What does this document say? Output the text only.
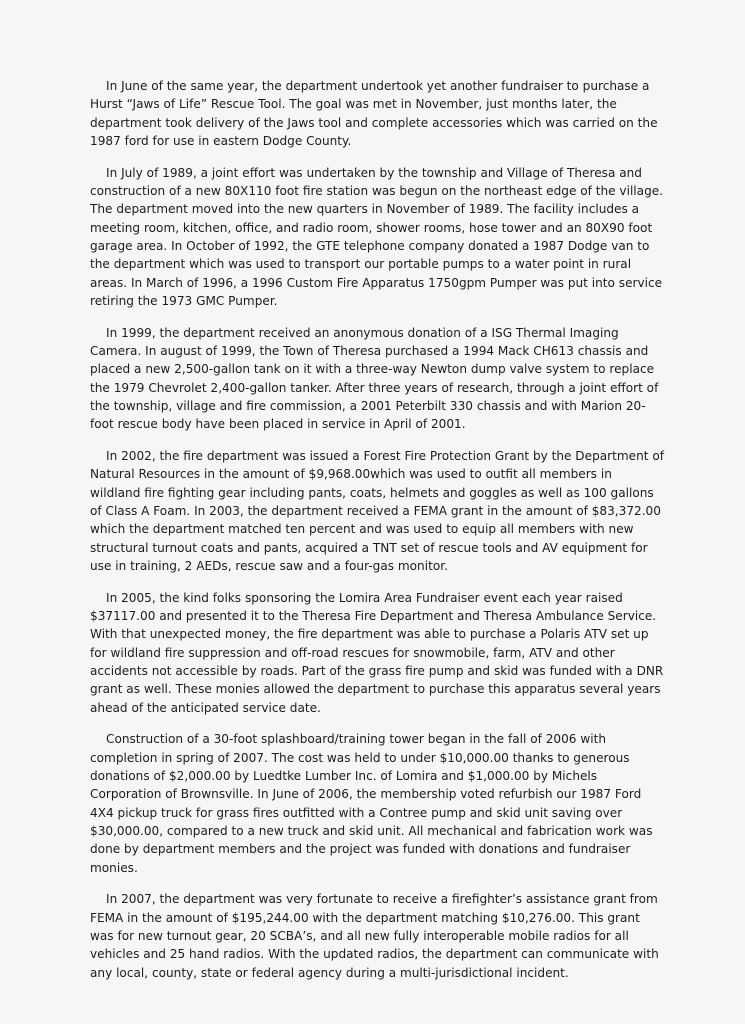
In June of the same year, the department undertook yet another fundraiser to purchase a Hurst “Jaws of Life” Rescue Tool. The goal was met in November, just months later, the department took delivery of the Jaws tool and complete accessories which was carried on the 1987 ford for use in eastern Dodge County.

In July of 1989, a joint effort was undertaken by the township and Village of Theresa and construction of a new 80X110 foot fire station was begun on the northeast edge of the village. The department moved into the new quarters in November of 1989. The facility includes a meeting room, kitchen, office, and radio room, shower rooms, hose tower and an 80X90 foot garage area. In October of 1992, the GTE telephone company donated a 1987 Dodge van to the department which was used to transport our portable pumps to a water point in rural areas. In March of 1996, a 1996 Custom Fire Apparatus 1750gpm Pumper was put into service retiring the 1973 GMC Pumper.

In 1999, the department received an anonymous donation of a ISG Thermal Imaging Camera. In august of 1999, the Town of Theresa purchased a 1994 Mack CH613 chassis and placed a new 2,500-gallon tank on it with a three-way Newton dump valve system to replace the 1979 Chevrolet 2,400-gallon tanker. After three years of research, through a joint effort of the township, village and fire commission, a 2001 Peterbilt 330 chassis and with Marion 20-foot rescue body have been placed in service in April of 2001.

In 2002, the fire department was issued a Forest Fire Protection Grant by the Department of Natural Resources in the amount of $9,968.00which was used to outfit all members in wildland fire fighting gear including pants, coats, helmets and goggles as well as 100 gallons of Class A Foam. In 2003, the department received a FEMA grant in the amount of $83,372.00 which the department matched ten percent and was used to equip all members with new structural turnout coats and pants, acquired a TNT set of rescue tools and AV equipment for use in training, 2 AEDs, rescue saw and a four-gas monitor.

In 2005, the kind folks sponsoring the Lomira Area Fundraiser event each year raised $37117.00 and presented it to the Theresa Fire Department and Theresa Ambulance Service. With that unexpected money, the fire department was able to purchase a Polaris ATV set up for wildland fire suppression and off-road rescues for snowmobile, farm, ATV and other accidents not accessible by roads. Part of the grass fire pump and skid was funded with a DNR grant as well. These monies allowed the department to purchase this apparatus several years ahead of the anticipated service date.

Construction of a 30-foot splashboard/training tower began in the fall of 2006 with completion in spring of 2007. The cost was held to under $10,000.00 thanks to generous donations of $2,000.00 by Luedtke Lumber Inc. of Lomira and $1,000.00 by Michels Corporation of Brownsville. In June of 2006, the membership voted refurbish our 1987 Ford 4X4 pickup truck for grass fires outfitted with a Contree pump and skid unit saving over $30,000.00, compared to a new truck and skid unit. All mechanical and fabrication work was done by department members and the project was funded with donations and fundraiser monies.

In 2007, the department was very fortunate to receive a firefighter’s assistance grant from FEMA in the amount of $195,244.00 with the department matching $10,276.00. This grant was for new turnout gear, 20 SCBA’s, and all new fully interoperable mobile radios for all vehicles and 25 hand radios. With the updated radios, the department can communicate with any local, county, state or federal agency during a multi-jurisdictional incident.
